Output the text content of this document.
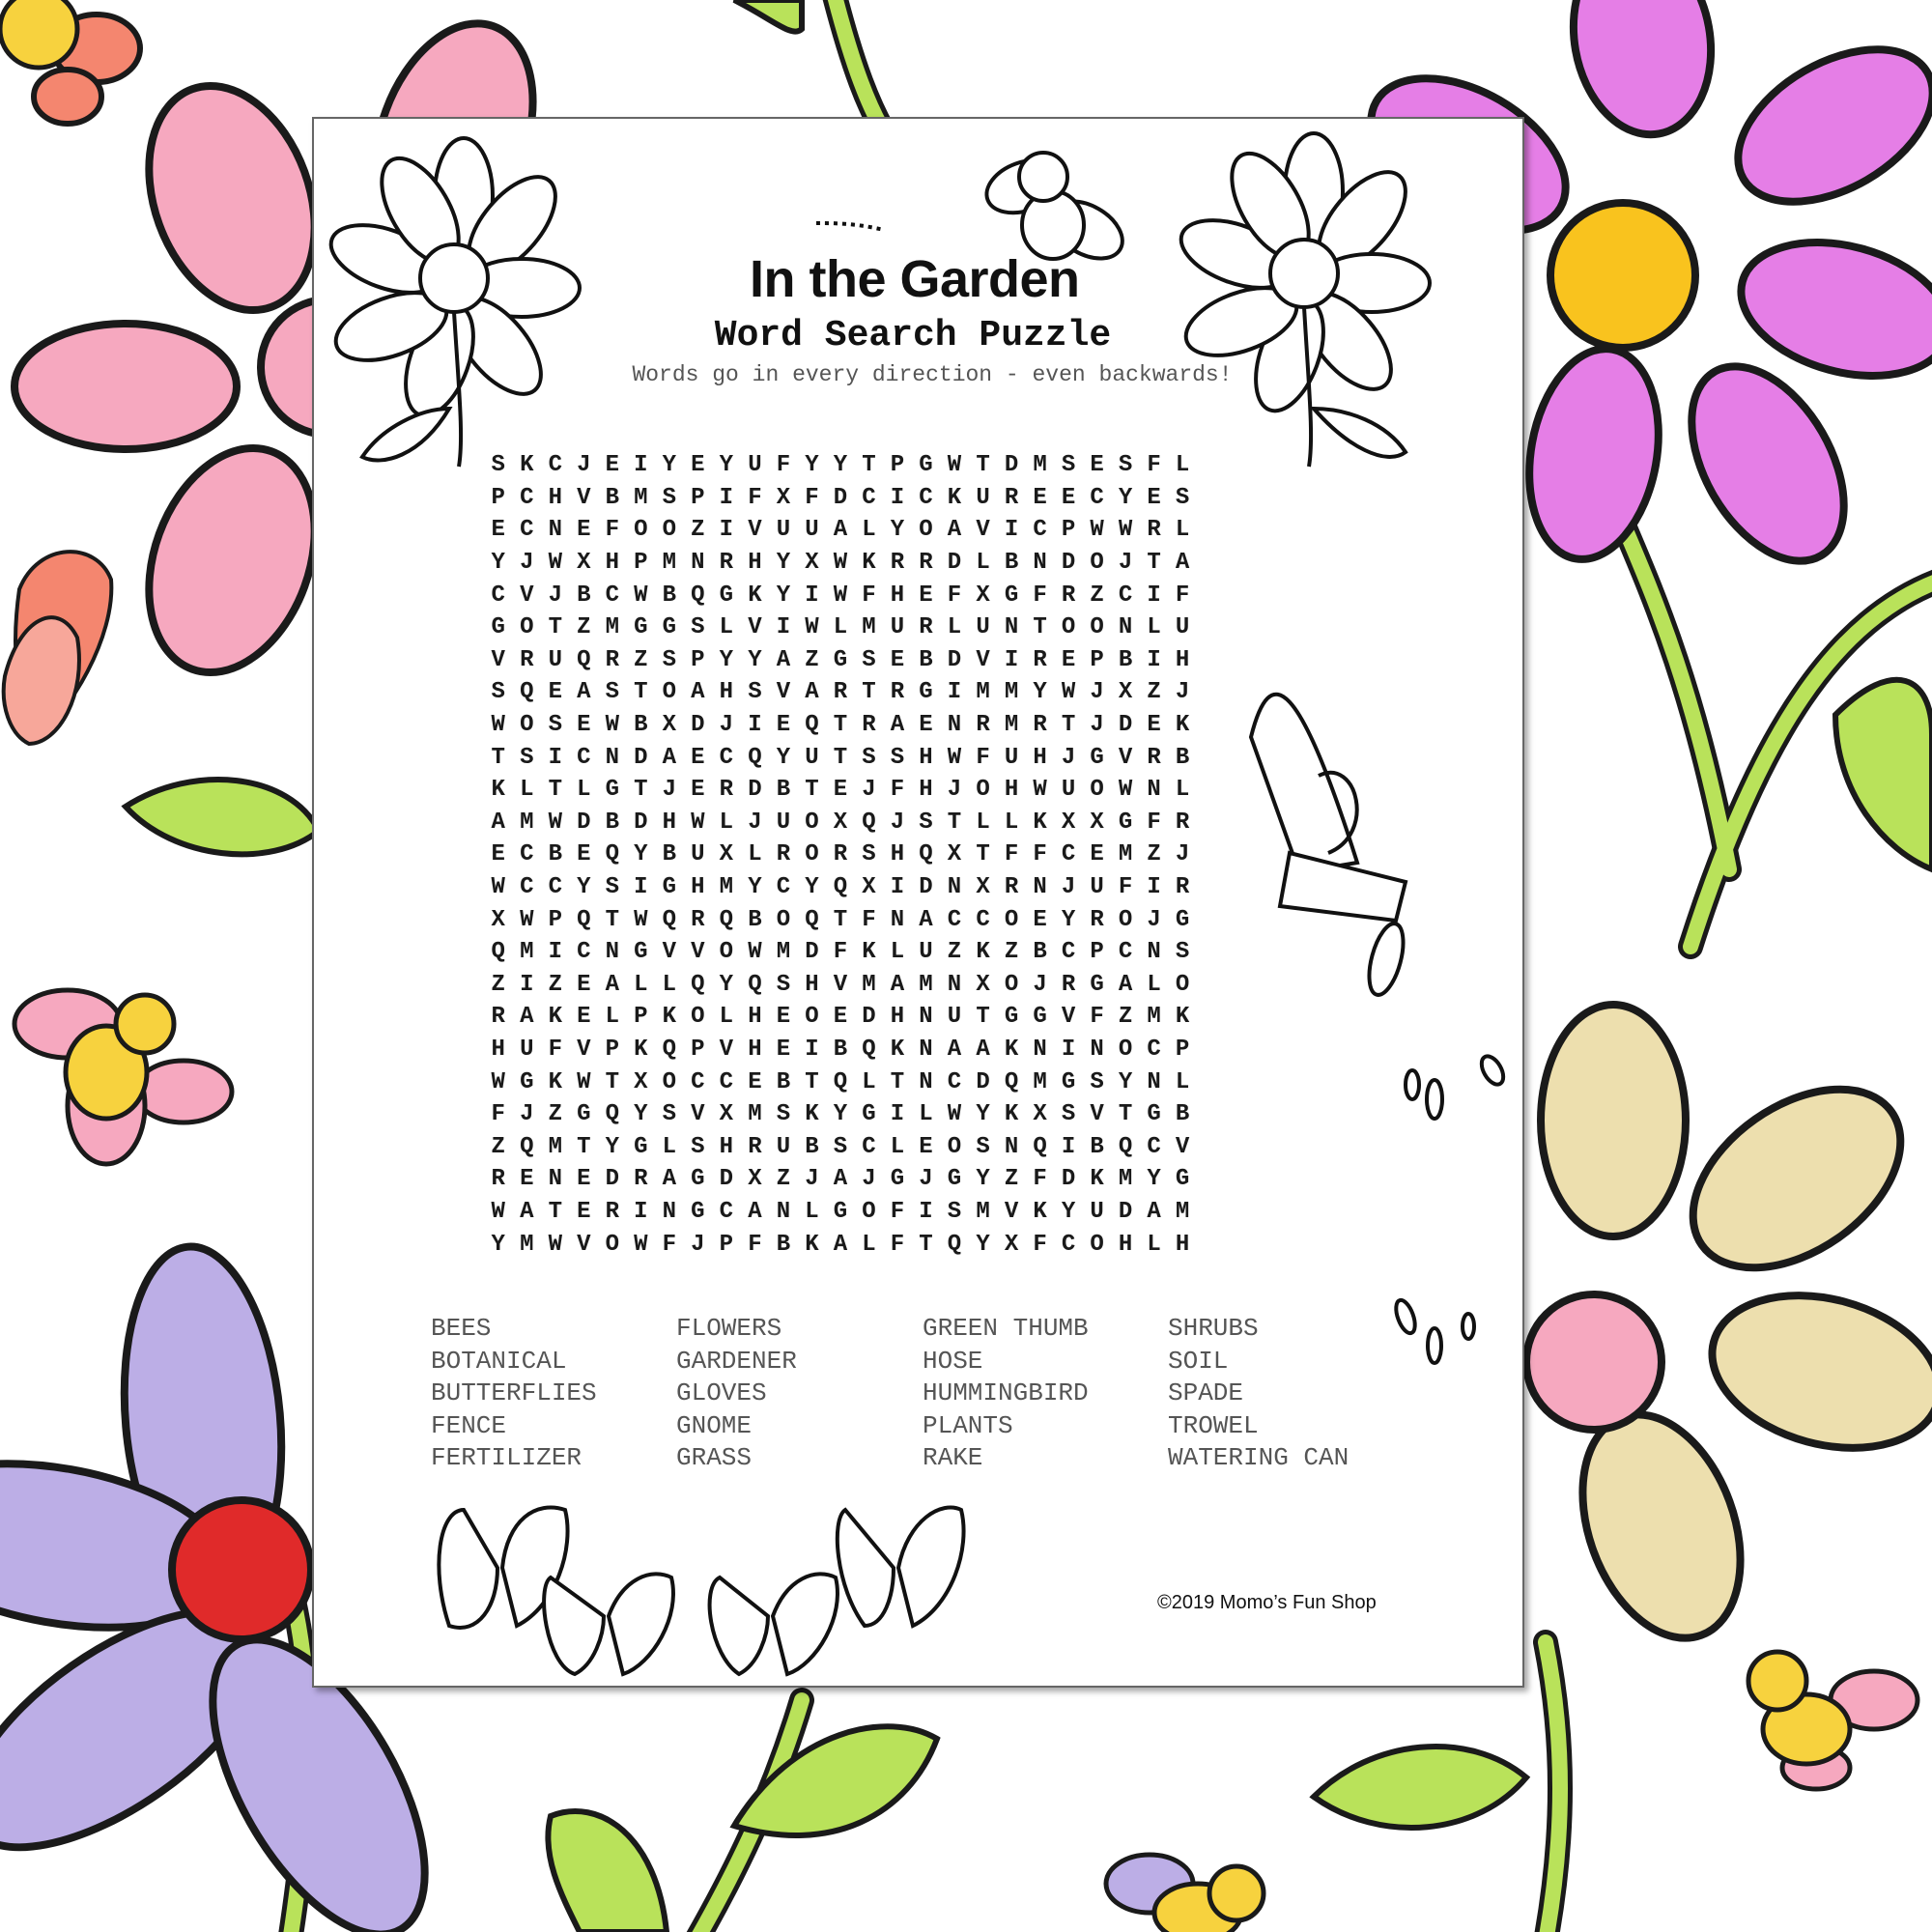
In the Garden
Word Search Puzzle
Words go in every direction - even backwards!
S K C J E I Y E Y U F Y Y T P G W T D M S E S F L
P C H V B M S P I F X F D C I C K U R E E C Y E S
E C N E F O O Z I V U U A L Y O A V I C P W W R L
Y J W X H P M N R H Y X W K R R D L B N D O J T A
C V J B C W B Q G K Y I W F H E F X G F R Z C I F
G O T Z M G G S L V I W L M U R L U N T O O N L U
V R U Q R Z S P Y Y A Z G S E B D V I R E P B I H
S Q E A S T O A H S V A R T R G I M M Y W J X Z J
W O S E W B X D J I E Q T R A E N R M R T J D E K
T S I C N D A E C Q Y U T S S H W F U H J G V R B
K L T L G T J E R D B T E J F H J O H W U O W N L
A M W D B D H W L J U O X Q J S T L L K X X G F R
E C B E Q Y B U X L R O R S H Q X T F F C E M Z J
W C C Y S I G H M Y C Y Q X I D N X R N J U F I R
X W P Q T W Q R Q B O Q T F N A C C O E Y R O J G
Q M I C N G V V O W M D F K L U Z K Z B C P C N S
Z I Z E A L L Q Y Q S H V M A M N X O J R G A L O
R A K E L P K O L H E O E D H N U T G G V F Z M K
H U F V P K Q P V H E I B Q K N A A K N I N O C P
W G K W T X O C C E B T Q L T N C D Q M G S Y N L
F J Z G Q Y S V X M S K Y G I L W Y K X S V T G B
Z Q M T Y G L S H R U B S C L E O S N Q I B Q C V
R E N E D R A G D X Z J A J G J G Y Z F D K M Y G
W A T E R I N G C A N L G O F I S M V K Y U D A M
Y M W V O W F J P F B K A L F T Q Y X F C O H L H
BEES
BOTANICAL
BUTTERFLIES
FENCE
FERTILIZER
FLOWERS
GARDENER
GLOVES
GNOME
GRASS
GREEN THUMB
HOSE
HUMMINGBIRD
PLANTS
RAKE
SHRUBS
SOIL
SPADE
TROWEL
WATERING CAN
©2019 Momo’s Fun Shop
